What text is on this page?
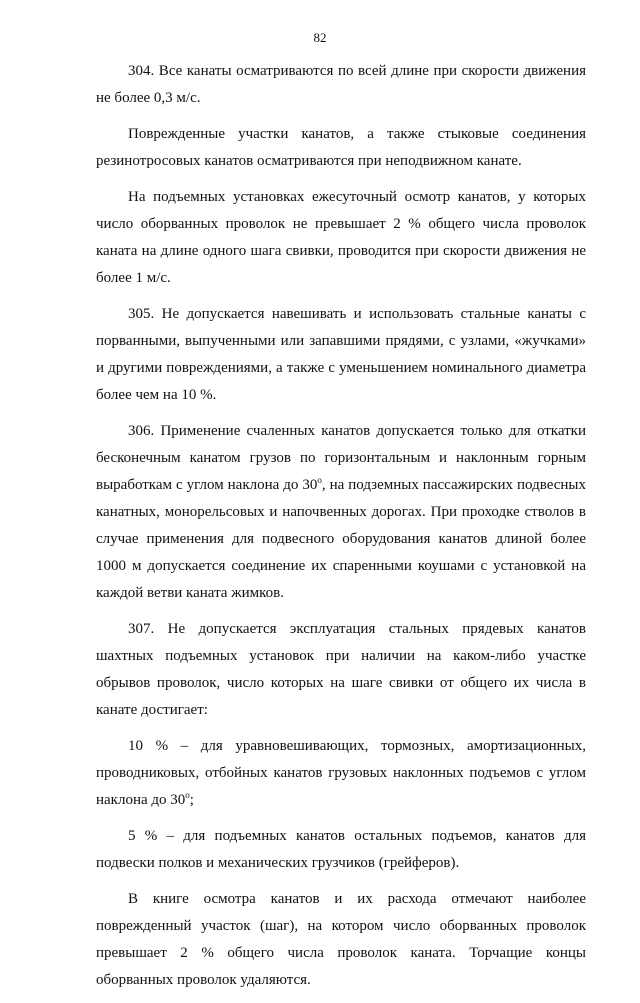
82

304. Все канаты осматриваются по всей длине при скорости движения не более 0,3 м/с.

Поврежденные участки канатов, а также стыковые соединения резинотросовых канатов осматриваются при неподвижном канате.

На подъемных установках ежесуточный осмотр канатов, у которых число оборванных проволок не превышает 2 % общего числа проволок каната на длине одного шага свивки, проводится при скорости движения не более 1 м/с.

305. Не допускается навешивать и использовать стальные канаты с порванными, выпученными или запавшими прядями, с узлами, «жучками» и другими повреждениями, а также с уменьшением номинального диаметра более чем на 10 %.

306. Применение счаленных канатов допускается только для откатки бесконечным канатом грузов по горизонтальным и наклонным горным выработкам с углом наклона до $30^о$, на подземных пассажирских подвесных канатных, монорельсовых и напочвенных дорогах. При проходке стволов в случае применения для подвесного оборудования канатов длиной более 1000 м допускается соединение их спаренными коушами с установкой на каждой ветви каната жимков.

307. Не допускается эксплуатация стальных прядевых канатов шахтных подъемных установок при наличии на каком-либо участке обрывов проволок, число которых на шаге свивки от общего их числа в канате достигает:

10 % – для уравновешивающих, тормозных, амортизационных, проводниковых, отбойных канатов грузовых наклонных подъемов с углом наклона до $30^о$;

5 % – для подъемных канатов остальных подъемов, канатов для подвески полков и механических грузчиков (грейферов).

В книге осмотра канатов и их расхода отмечают наиболее поврежденный участок (шаг), на котором число оборванных проволок превышает 2 % общего числа проволок каната. Торчащие концы оборванных проволок удаляются.
